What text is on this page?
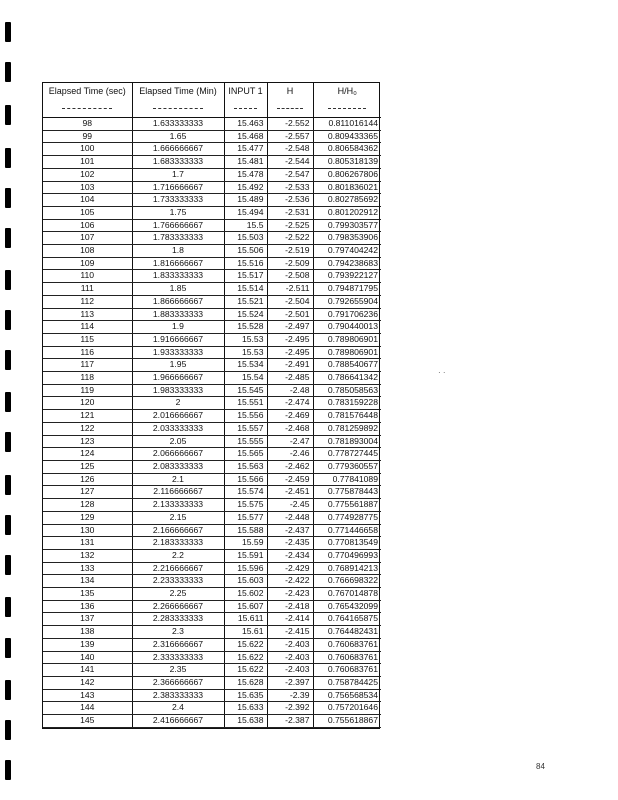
Elapsed Time (sec)	Elapsed Time (Min)	INPUT 1	H	H/H₀
98	1.633333333	15.463	-2.552	0.811016144
99	1.65	15.468	-2.557	0.809433365
100	1.666666667	15.477	-2.548	0.806584362
101	1.683333333	15.481	-2.544	0.805318139
102	1.7	15.478	-2.547	0.806267806
103	1.716666667	15.492	-2.533	0.801836021
104	1.733333333	15.489	-2.536	0.802785692
105	1.75	15.494	-2.531	0.801202912
106	1.766666667	15.5	-2.525	0.799303577
107	1.783333333	15.503	-2.522	0.798353906
108	1.8	15.506	-2.519	0.797404242
109	1.816666667	15.516	-2.509	0.794238683
110	1.833333333	15.517	-2.508	0.793922127
111	1.85	15.514	-2.511	0.794871795
112	1.866666667	15.521	-2.504	0.792655904
113	1.883333333	15.524	-2.501	0.791706236
114	1.9	15.528	-2.497	0.790440013
115	1.916666667	15.53	-2.495	0.789806901
116	1.933333333	15.53	-2.495	0.789806901
117	1.95	15.534	-2.491	0.788540677
118	1.966666667	15.54	-2.485	0.786641342
119	1.983333333	15.545	-2.48	0.785058563
120	2	15.551	-2.474	0.783159228
121	2.016666667	15.556	-2.469	0.781576448
122	2.033333333	15.557	-2.468	0.781259892
123	2.05	15.555	-2.47	0.781893004
124	2.066666667	15.565	-2.46	0.778727445
125	2.083333333	15.563	-2.462	0.779360557
126	2.1	15.566	-2.459	0.77841089
127	2.116666667	15.574	-2.451	0.775878443
128	2.133333333	15.575	-2.45	0.775561887
129	2.15	15.577	-2.448	0.774928775
130	2.166666667	15.588	-2.437	0.771446658
131	2.183333333	15.59	-2.435	0.770813549
132	2.2	15.591	-2.434	0.770496993
133	2.216666667	15.596	-2.429	0.768914213
134	2.233333333	15.603	-2.422	0.766698322
135	2.25	15.602	-2.423	0.767014878
136	2.266666667	15.607	-2.418	0.765432099
137	2.283333333	15.611	-2.414	0.764165875
138	2.3	15.61	-2.415	0.764482431
139	2.316666667	15.622	-2.403	0.760683761
140	2.333333333	15.622	-2.403	0.760683761
141	2.35	15.622	-2.403	0.760683761
142	2.366666667	15.628	-2.397	0.758784425
143	2.383333333	15.635	-2.39	0.756568534
144	2.4	15.633	-2.392	0.757201646
145	2.416666667	15.638	-2.387	0.755618867
· ·
84
